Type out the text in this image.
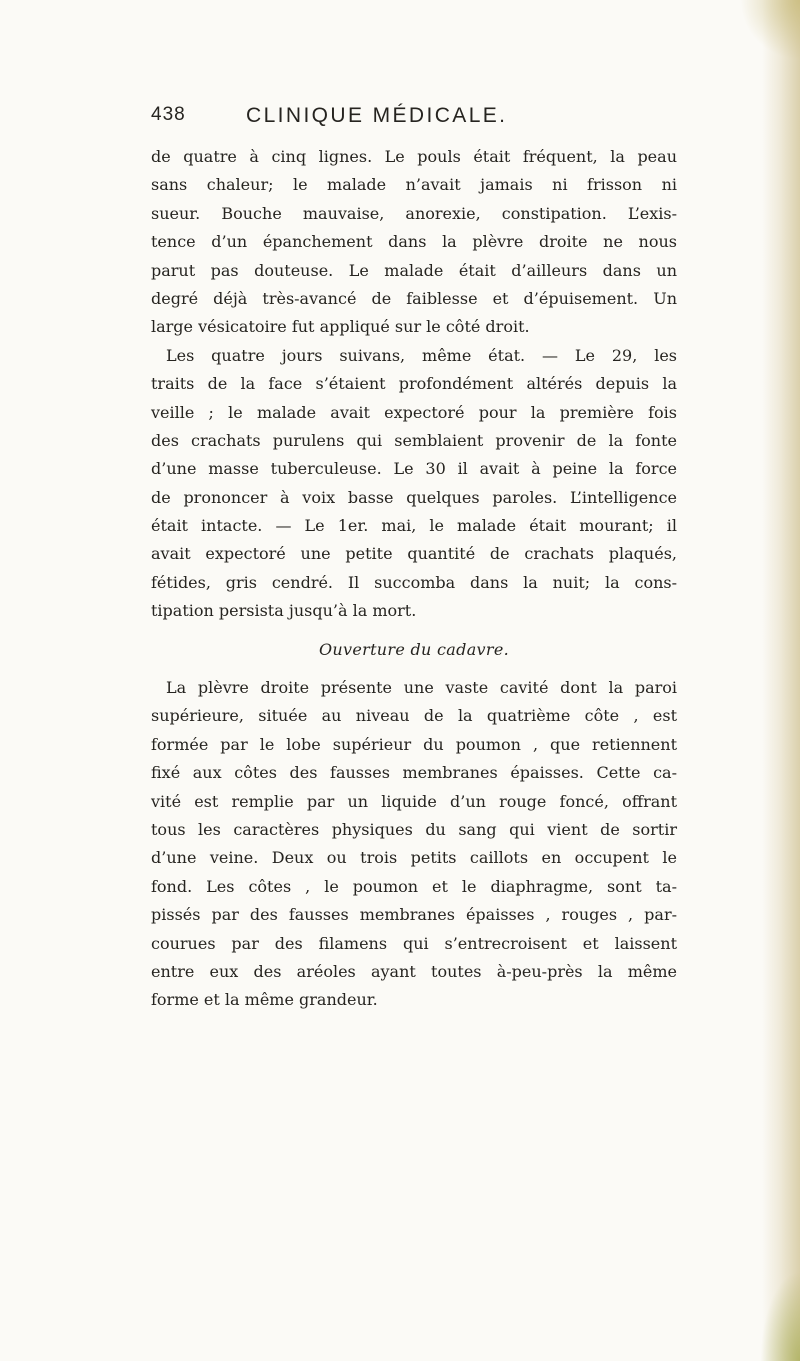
438	CLINIQUE MÉDICALE.
de quatre à cinq lignes. Le pouls était fréquent, la peau
sans chaleur; le malade n’avait jamais ni frisson ni
sueur. Bouche mauvaise, anorexie, constipation. L’exis-
tence d’un épanchement dans la plèvre droite ne nous
parut pas douteuse. Le malade était d’ailleurs dans un
degré déjà très-avancé de faiblesse et d’épuisement. Un
large vésicatoire fut appliqué sur le côté droit.
Les quatre jours suivans, même état. — Le 29, les
traits de la face s’étaient profondément altérés depuis la
veille ; le malade avait expectoré pour la première fois
des crachats purulens qui semblaient provenir de la fonte
d’une masse tuberculeuse. Le 30 il avait à peine la force
de prononcer à voix basse quelques paroles. L’intelligence
était intacte. — Le 1er. mai, le malade était mourant; il
avait expectoré une petite quantité de crachats plaqués,
fétides, gris cendré. Il succomba dans la nuit; la cons-
tipation persista jusqu’à la mort.
Ouverture du cadavre.
La plèvre droite présente une vaste cavité dont la paroi
supérieure, située au niveau de la quatrième côte , est
formée par le lobe supérieur du poumon , que retiennent
fixé aux côtes des fausses membranes épaisses. Cette ca-
vité est remplie par un liquide d’un rouge foncé, offrant
tous les caractères physiques du sang qui vient de sortir
d’une veine. Deux ou trois petits caillots en occupent le
fond. Les côtes , le poumon et le diaphragme, sont ta-
pissés par des fausses membranes épaisses , rouges , par-
courues par des filamens qui s’entrecroisent et laissent
entre eux des aréoles ayant toutes à-peu-près la même
forme et la même grandeur.
